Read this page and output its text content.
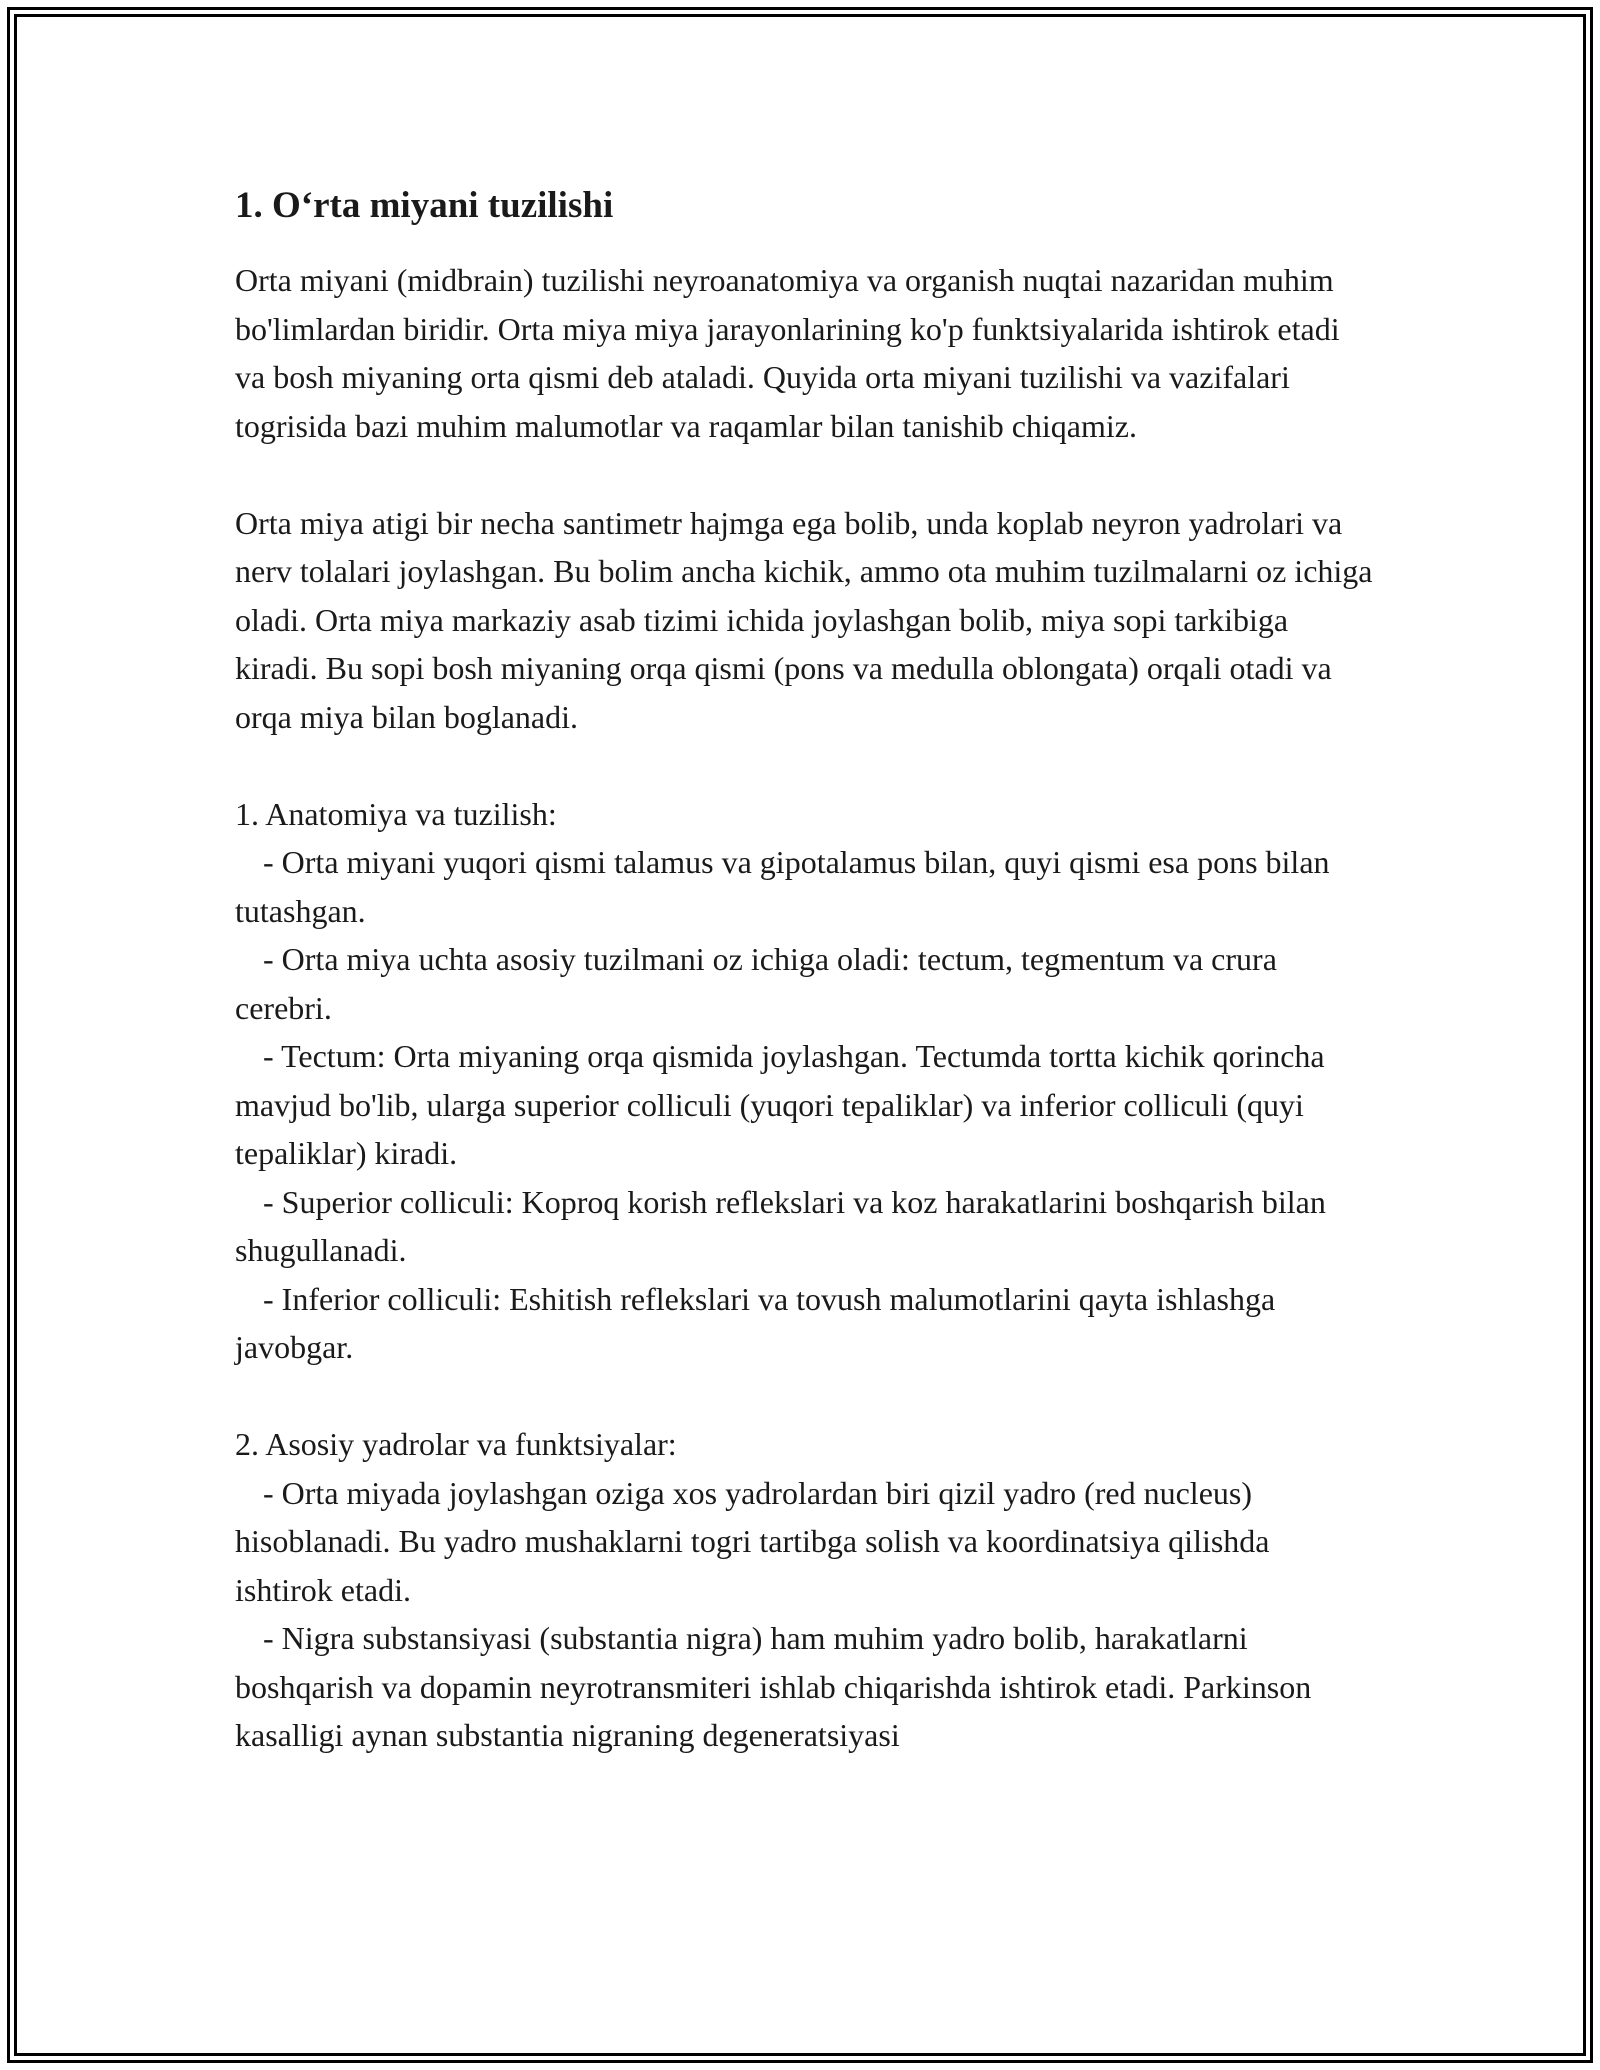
1. Oʻrta miyani tuzilishi

Orta miyani (midbrain) tuzilishi neyroanatomiya va organish nuqtai nazaridan muhim bo'limlardan biridir. Orta miya miya jarayonlarining ko'p funktsiyalarida ishtirok etadi va bosh miyaning orta qismi deb ataladi. Quyida orta miyani tuzilishi va vazifalari togrisida bazi muhim malumotlar va raqamlar bilan tanishib chiqamiz.

Orta miya atigi bir necha santimetr hajmga ega bolib, unda koplab neyron yadrolari va nerv tolalari joylashgan. Bu bolim ancha kichik, ammo ota muhim tuzilmalarni oz ichiga oladi. Orta miya markaziy asab tizimi ichida joylashgan bolib, miya sopi tarkibiga kiradi. Bu sopi bosh miyaning orqa qismi (pons va medulla oblongata) orqali otadi va orqa miya bilan boglanadi.

1. Anatomiya va tuzilish:

- Orta miyani yuqori qismi talamus va gipotalamus bilan, quyi qismi esa pons bilan tutashgan.

- Orta miya uchta asosiy tuzilmani oz ichiga oladi: tectum, tegmentum va crura cerebri.

- Tectum: Orta miyaning orqa qismida joylashgan. Tectumda tortta kichik qorincha mavjud bo'lib, ularga superior colliculi (yuqori tepaliklar) va inferior colliculi (quyi tepaliklar) kiradi.

- Superior colliculi: Koproq korish reflekslari va koz harakatlarini boshqarish bilan shugullanadi.

- Inferior colliculi: Eshitish reflekslari va tovush malumotlarini qayta ishlashga javobgar.

2. Asosiy yadrolar va funktsiyalar:

- Orta miyada joylashgan oziga xos yadrolardan biri qizil yadro (red nucleus) hisoblanadi. Bu yadro mushaklarni togri tartibga solish va koordinatsiya qilishda ishtirok etadi.

- Nigra substansiyasi (substantia nigra) ham muhim yadro bolib, harakatlarni boshqarish va dopamin neyrotransmiteri ishlab chiqarishda ishtirok etadi. Parkinson kasalligi aynan substantia nigraning degeneratsiyasi
